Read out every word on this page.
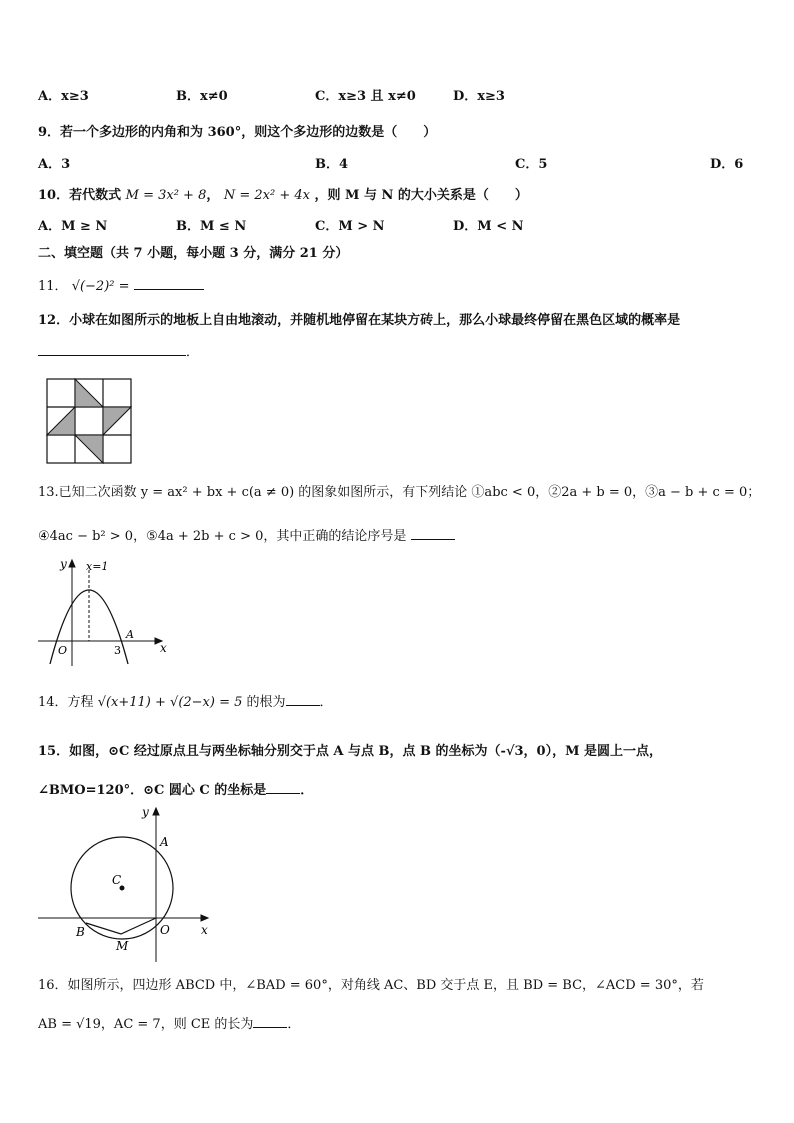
A．x≥3	B．x≠0	C．x≥3 且 x≠0	D．x≥3
9．若一个多边形的内角和为 360°，则这个多边形的边数是（　　）
A．3	B．4	C．5	D．6
10．若代数式 M = 3x² + 8， N = 2x² + 4x ，则 M 与 N 的大小关系是（　　）
A．M ≥ N	B．M ≤ N	C．M > N	D．M < N
二、填空题（共 7 小题，每小题 3 分，满分 21 分）
11． √(−2)² =
12．小球在如图所示的地板上自由地滚动，并随机地停留在某块方砖上，那么小球最终停留在黑色区域的概率是
．
13.已知二次函数 y = ax² + bx + c(a ≠ 0) 的图象如图所示，有下列结论 ①abc < 0，②2a + b = 0，③a − b + c = 0；
④4ac − b² > 0，⑤4a + 2b + c > 0，其中正确的结论序号是
y
x
x=1
O
A
3
14．方程 √(x+11) + √(2−x) = 5 的根为	．
15．如图，⊙C 经过原点且与两坐标轴分别交于点 A 与点 B，点 B 的坐标为（-√3，0），M 是圆上一点，
∠BMO=120°．⊙C 圆心 C 的坐标是	．
y
x
A
B
C
M
O
16．如图所示，四边形 ABCD 中，∠BAD = 60°，对角线 AC、BD 交于点 E，且 BD = BC，∠ACD = 30°，若
AB = √19，AC = 7，则 CE 的长为	．
